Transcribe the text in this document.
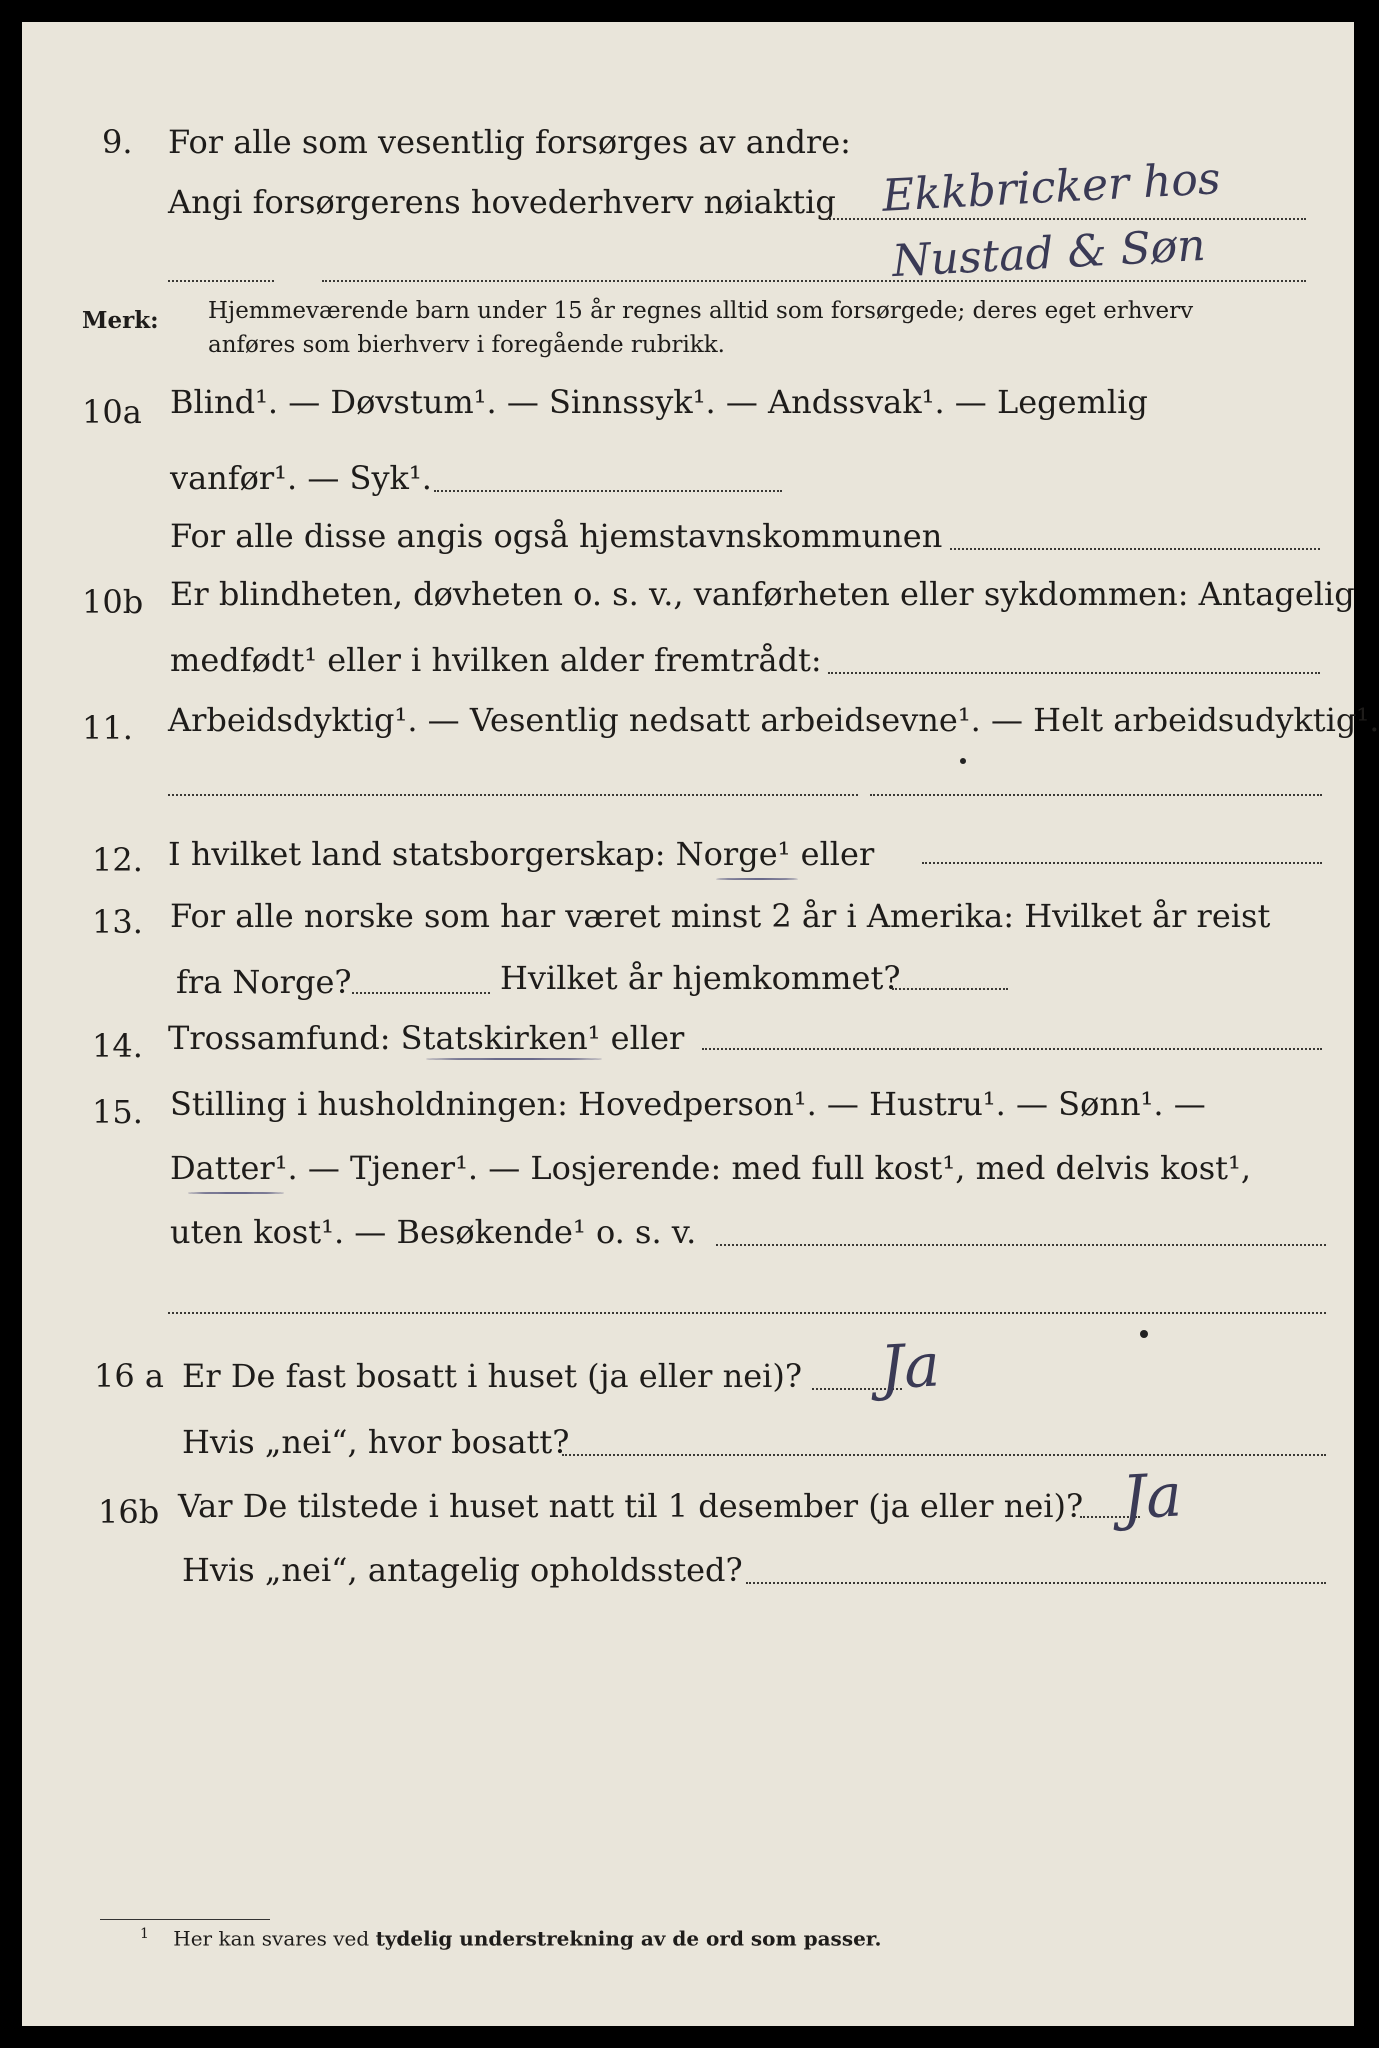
9. For alle som vesentlig forsørges av andre:
Angi forsørgerens hovederhverv nøiaktig Ekkbricker hos
Nustad & Søn
Merk: Hjemmeværende barn under 15 år regnes alltid som forsørgede; deres eget erhverv
anføres som bierhverv i foregående rubrikk.
10a Blind¹. — Døvstum¹. — Sinnssyk¹. — Andssvak¹. — Legemlig
vanfør¹. — Syk¹.
For alle disse angis også hjemstavnskommunen
10b Er blindheten, døvheten o. s. v., vanførheten eller sykdommen: Antagelig
medfødt¹ eller i hvilken alder fremtrådt:
11. Arbeidsdyktig¹. — Vesentlig nedsatt arbeidsevne¹. — Helt arbeidsudyktig¹.
12. I hvilket land statsborgerskap: Norge¹ eller
13. For alle norske som har været minst 2 år i Amerika: Hvilket år reist
fra Norge?	Hvilket år hjemkommet?
14. Trossamfund: Statskirken¹ eller
15. Stilling i husholdningen: Hovedperson¹. — Hustru¹. — Sønn¹. —
Datter¹. — Tjener¹. — Losjerende: med full kost¹, med delvis kost¹,
uten kost¹. — Besøkende¹ o. s. v.
16 a Er De fast bosatt i huset (ja eller nei)? Ja
Hvis „nei“, hvor bosatt?
16b Var De tilstede i huset natt til 1 desember (ja eller nei)? Ja
Hvis „nei“, antagelig opholdssted?
$^1$ Her kan svares ved tydelig understrekning av de ord som passer.
